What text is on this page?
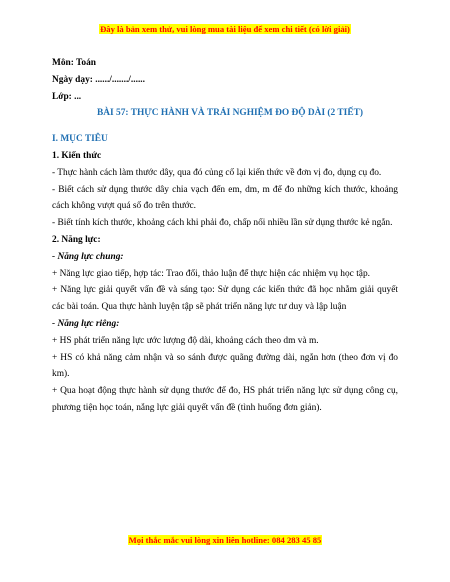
Đây là bản xem thử, vui lòng mua tài liệu để xem chi tiết (có lời giải)

Môn: Toán

Ngày dạy: ....../......./......

Lớp: ...

BÀI 57: THỰC HÀNH VÀ TRẢI NGHIỆM ĐO ĐỘ DÀI (2 TIẾT)

I. MỤC TIÊU

1. Kiến thức

- Thực hành cách làm thước dây, qua đó củng cố lại kiến thức về đơn vị đo, dụng cụ đo.

- Biết cách sử dụng thước dây chia vạch đến em, dm, m để đo những kích thước, khoảng cách không vượt quá số đo trên thước.

- Biết tính kích thước, khoảng cách khi phải đo, chấp nối nhiều lần sử dụng thước kẻ ngắn.

2. Năng lực:

- Năng lực chung:

+ Năng lực giao tiếp, hợp tác: Trao đổi, thảo luận để thực hiện các nhiệm vụ học tập.

+ Năng lực giải quyết vấn đề và sáng tạo: Sử dụng các kiến thức đã học nhằm giải quyết các bài toán. Qua thực hành luyện tập sẽ phát triển năng lực tư duy và lập luận

- Năng lực riêng:

+ HS phát triển năng lực ước lượng độ dài, khoảng cách theo dm và m.

+ HS có khả năng cảm nhận và so sánh được quãng đường dài, ngắn hơn (theo đơn vị đo km).

+ Qua hoạt động thực hành sử dụng thước để đo, HS phát triển năng lực sử dụng công cụ, phương tiện học toán, nắng lực giải quyết vấn đề (tình huống đơn giản).

Mọi thắc mắc vui lòng xin liên hotline: 084 283 45 85
